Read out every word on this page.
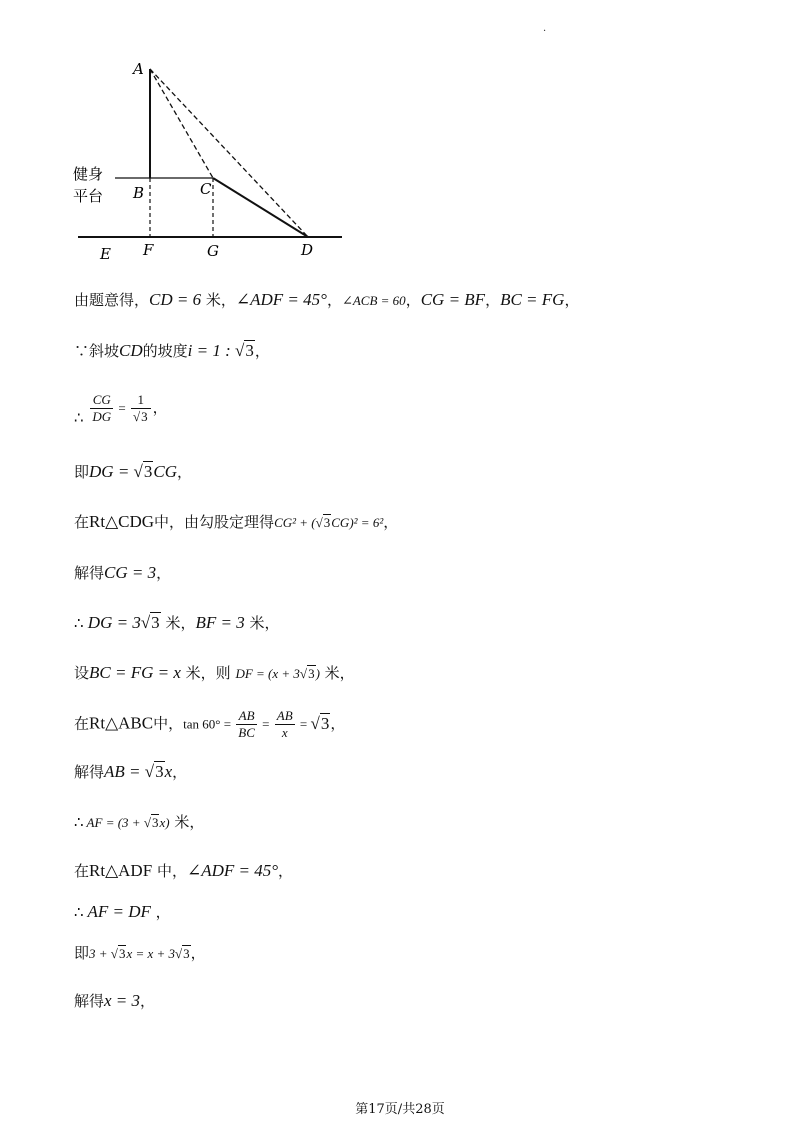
·
A
B	C
D
E F	G
健身
平台
由题意得，CD = 6 米，∠ADF = 45°，∠ACB = 60，CG = BF，BC = FG，
∵斜坡CD的坡度i = 1 : √3，
∴ $\frac{CG}{DG} = \frac{1}{√3}$ ，
即DG = √3CG，
在Rt△CDG中，由勾股定理得CG² + (√3CG)² = 6²，
解得CG = 3，
∴ DG = 3√3 米，BF = 3 米，
设BC = FG = x 米，则 DF = (x + 3√3) 米，
在Rt△ABC中，$\tan 60^\circ = \frac{AB}{BC} = \frac{AB}{x} = √3$，
解得AB = √3x，
∴ AF = (3 + √3x) 米，
在Rt△ADF 中，∠ADF = 45°，
∴ AF = DF ，
即3 + √3x = x + 3√3，
解得x = 3，
第17页/共28页
